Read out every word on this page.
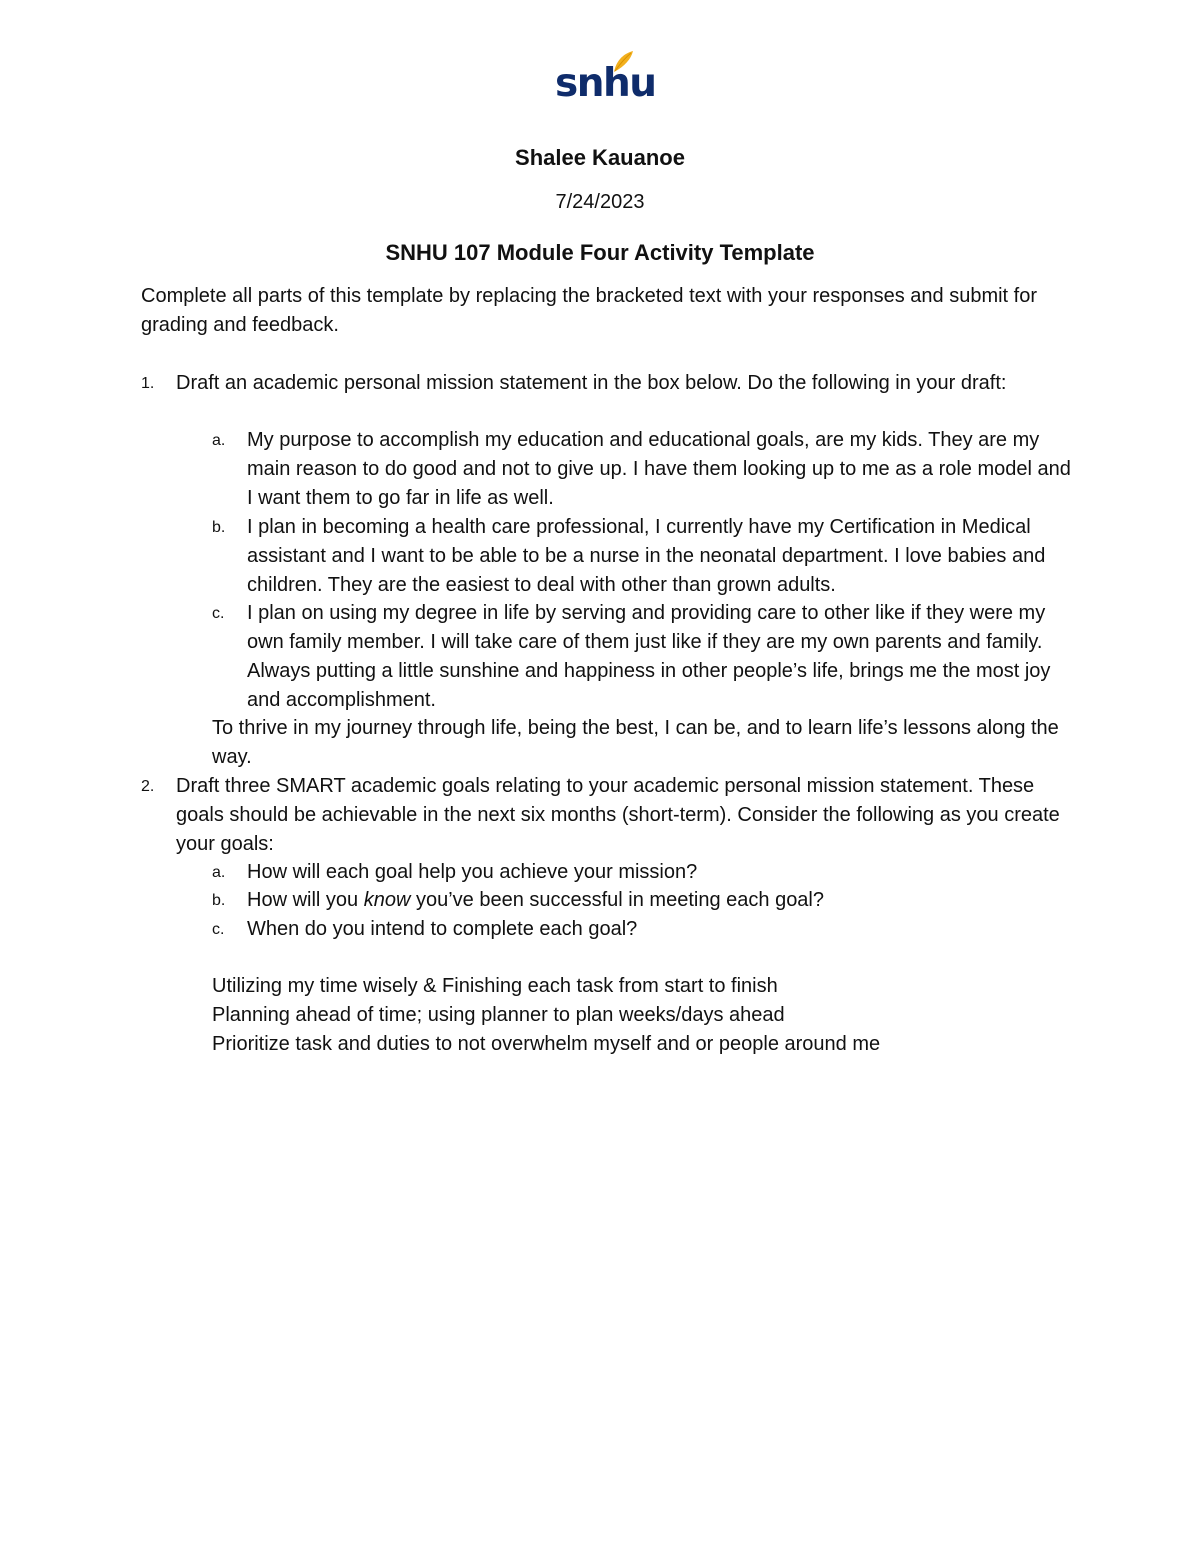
snhu
Shalee Kauanoe
7/24/2023
SNHU 107 Module Four Activity Template
Complete all parts of this template by replacing the bracketed text with your responses and submit for grading and feedback.
1.	Draft an academic personal mission statement in the box below. Do the following in your draft:
a.	My purpose to accomplish my education and educational goals, are my kids. They are my main reason to do good and not to give up. I have them looking up to me as a role model and I want them to go far in life as well.
b.	I plan in becoming a health care professional, I currently have my Certification in Medical assistant and I want to be able to be a nurse in the neonatal department. I love babies and children. They are the easiest to deal with other than grown adults.
c.	I plan on using my degree in life by serving and providing care to other like if they were my own family member. I will take care of them just like if they are my own parents and family. Always putting a little sunshine and happiness in other people’s life, brings me the most joy and accomplishment.
To thrive in my journey through life, being the best, I can be, and to learn life’s lessons along the way.
2.	Draft three SMART academic goals relating to your academic personal mission statement. These goals should be achievable in the next six months (short-term). Consider the following as you create your goals:
a.	How will each goal help you achieve your mission?
b.	How will you know you’ve been successful in meeting each goal?
c.	When do you intend to complete each goal?
Utilizing my time wisely & Finishing each task from start to finish
Planning ahead of time; using planner to plan weeks/days ahead
Prioritize task and duties to not overwhelm myself and or people around me
